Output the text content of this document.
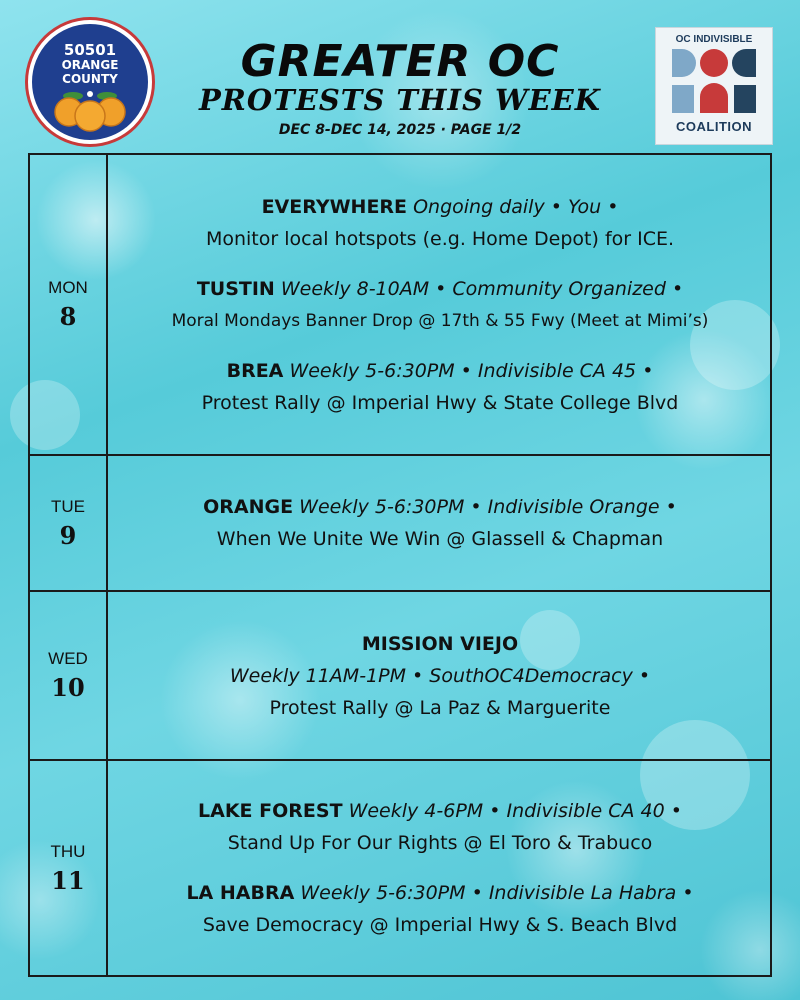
50501
ORANGE
COUNTY	GREATER OC
PROTESTS THIS WEEK
DEC 8-DEC 14, 2025 · PAGE 1/2
OC INDIVISIBLE
COALITION
MON
8
EVERYWHERE Ongoing daily • You •
Monitor local hotspots (e.g. Home Depot) for ICE.
TUSTIN Weekly 8-10AM • Community Organized •
Moral Mondays Banner Drop @ 17th & 55 Fwy (Meet at Mimi’s)
BREA Weekly 5-6:30PM • Indivisible CA 45 •
Protest Rally @ Imperial Hwy & State College Blvd
TUE
9
ORANGE Weekly 5-6:30PM • Indivisible Orange •
When We Unite We Win @ Glassell & Chapman
WED
10
MISSION VIEJO
Weekly 11AM-1PM • SouthOC4Democracy •
Protest Rally @ La Paz & Marguerite
THU
11
LAKE FOREST Weekly 4-6PM • Indivisible CA 40 •
Stand Up For Our Rights @ El Toro & Trabuco
LA HABRA Weekly 5-6:30PM • Indivisible La Habra •
Save Democracy @ Imperial Hwy & S. Beach Blvd
